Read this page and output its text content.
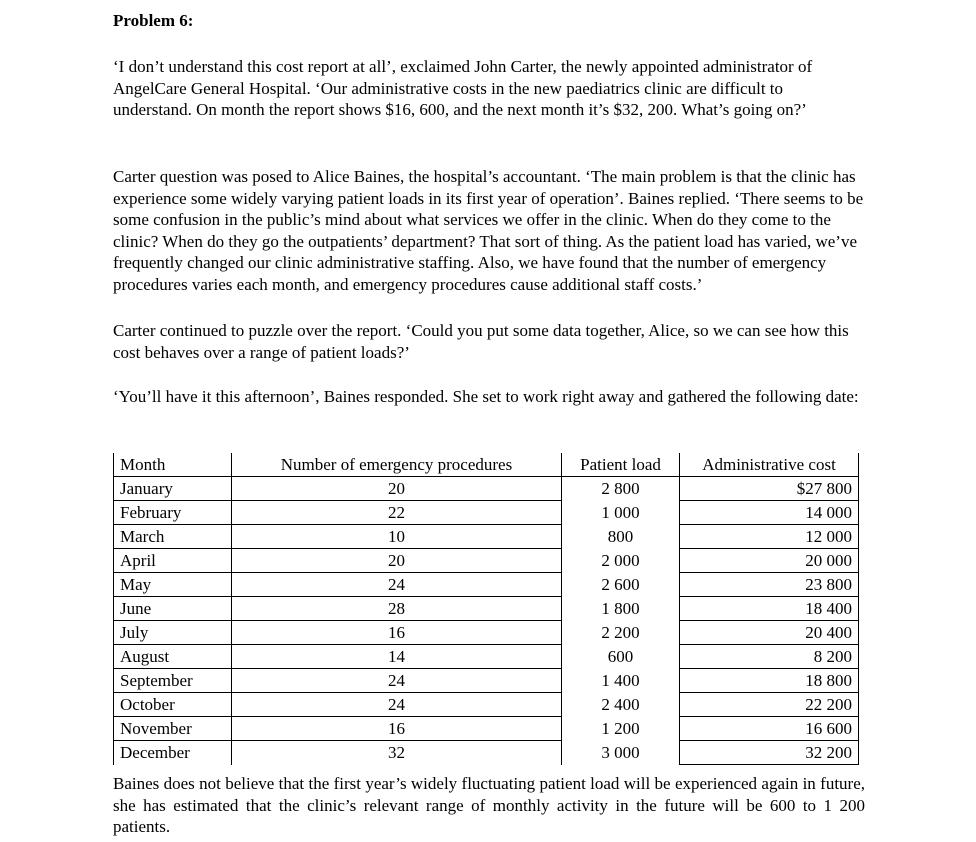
Problem 6:

‘I don’t understand this cost report at all’, exclaimed John Carter, the newly appointed administrator of AngelCare General Hospital. ‘Our administrative costs in the new paediatrics clinic are difficult to understand. On month the report shows $16, 600, and the next month it’s $32, 200. What’s going on?’

Carter question was posed to Alice Baines, the hospital’s accountant. ‘The main problem is that the clinic has experience some widely varying patient loads in its first year of operation’. Baines replied. ‘There seems to be some confusion in the public’s mind about what services we offer in the clinic. When do they come to the clinic? When do they go the outpatients’ department? That sort of thing. As the patient load has varied, we’ve frequently changed our clinic administrative staffing. Also, we have found that the number of emergency procedures varies each month, and emergency procedures cause additional staff costs.’

Carter continued to puzzle over the report. ‘Could you put some data together, Alice, so we can see how this cost behaves over a range of patient loads?’

‘You’ll have it this afternoon’, Baines responded. She set to work right away and gathered the following date:

Month	Number of emergency procedures	Patient load	Administrative cost
January	20	2 800	$27 800
February	22	1 000	14 000
March	10	800	12 000
April	20	2 000	20 000
May	24	2 600	23 800
June	28	1 800	18 400
July	16	2 200	20 400
August	14	600	8 200
September	24	1 400	18 800
October	24	2 400	22 200
November	16	1 200	16 600
December	32	3 000	32 200

Baines does not believe that the first year’s widely fluctuating patient load will be experienced again in future, she has estimated that the clinic’s relevant range of monthly activity in the future will be 600 to 1 200 patients.
